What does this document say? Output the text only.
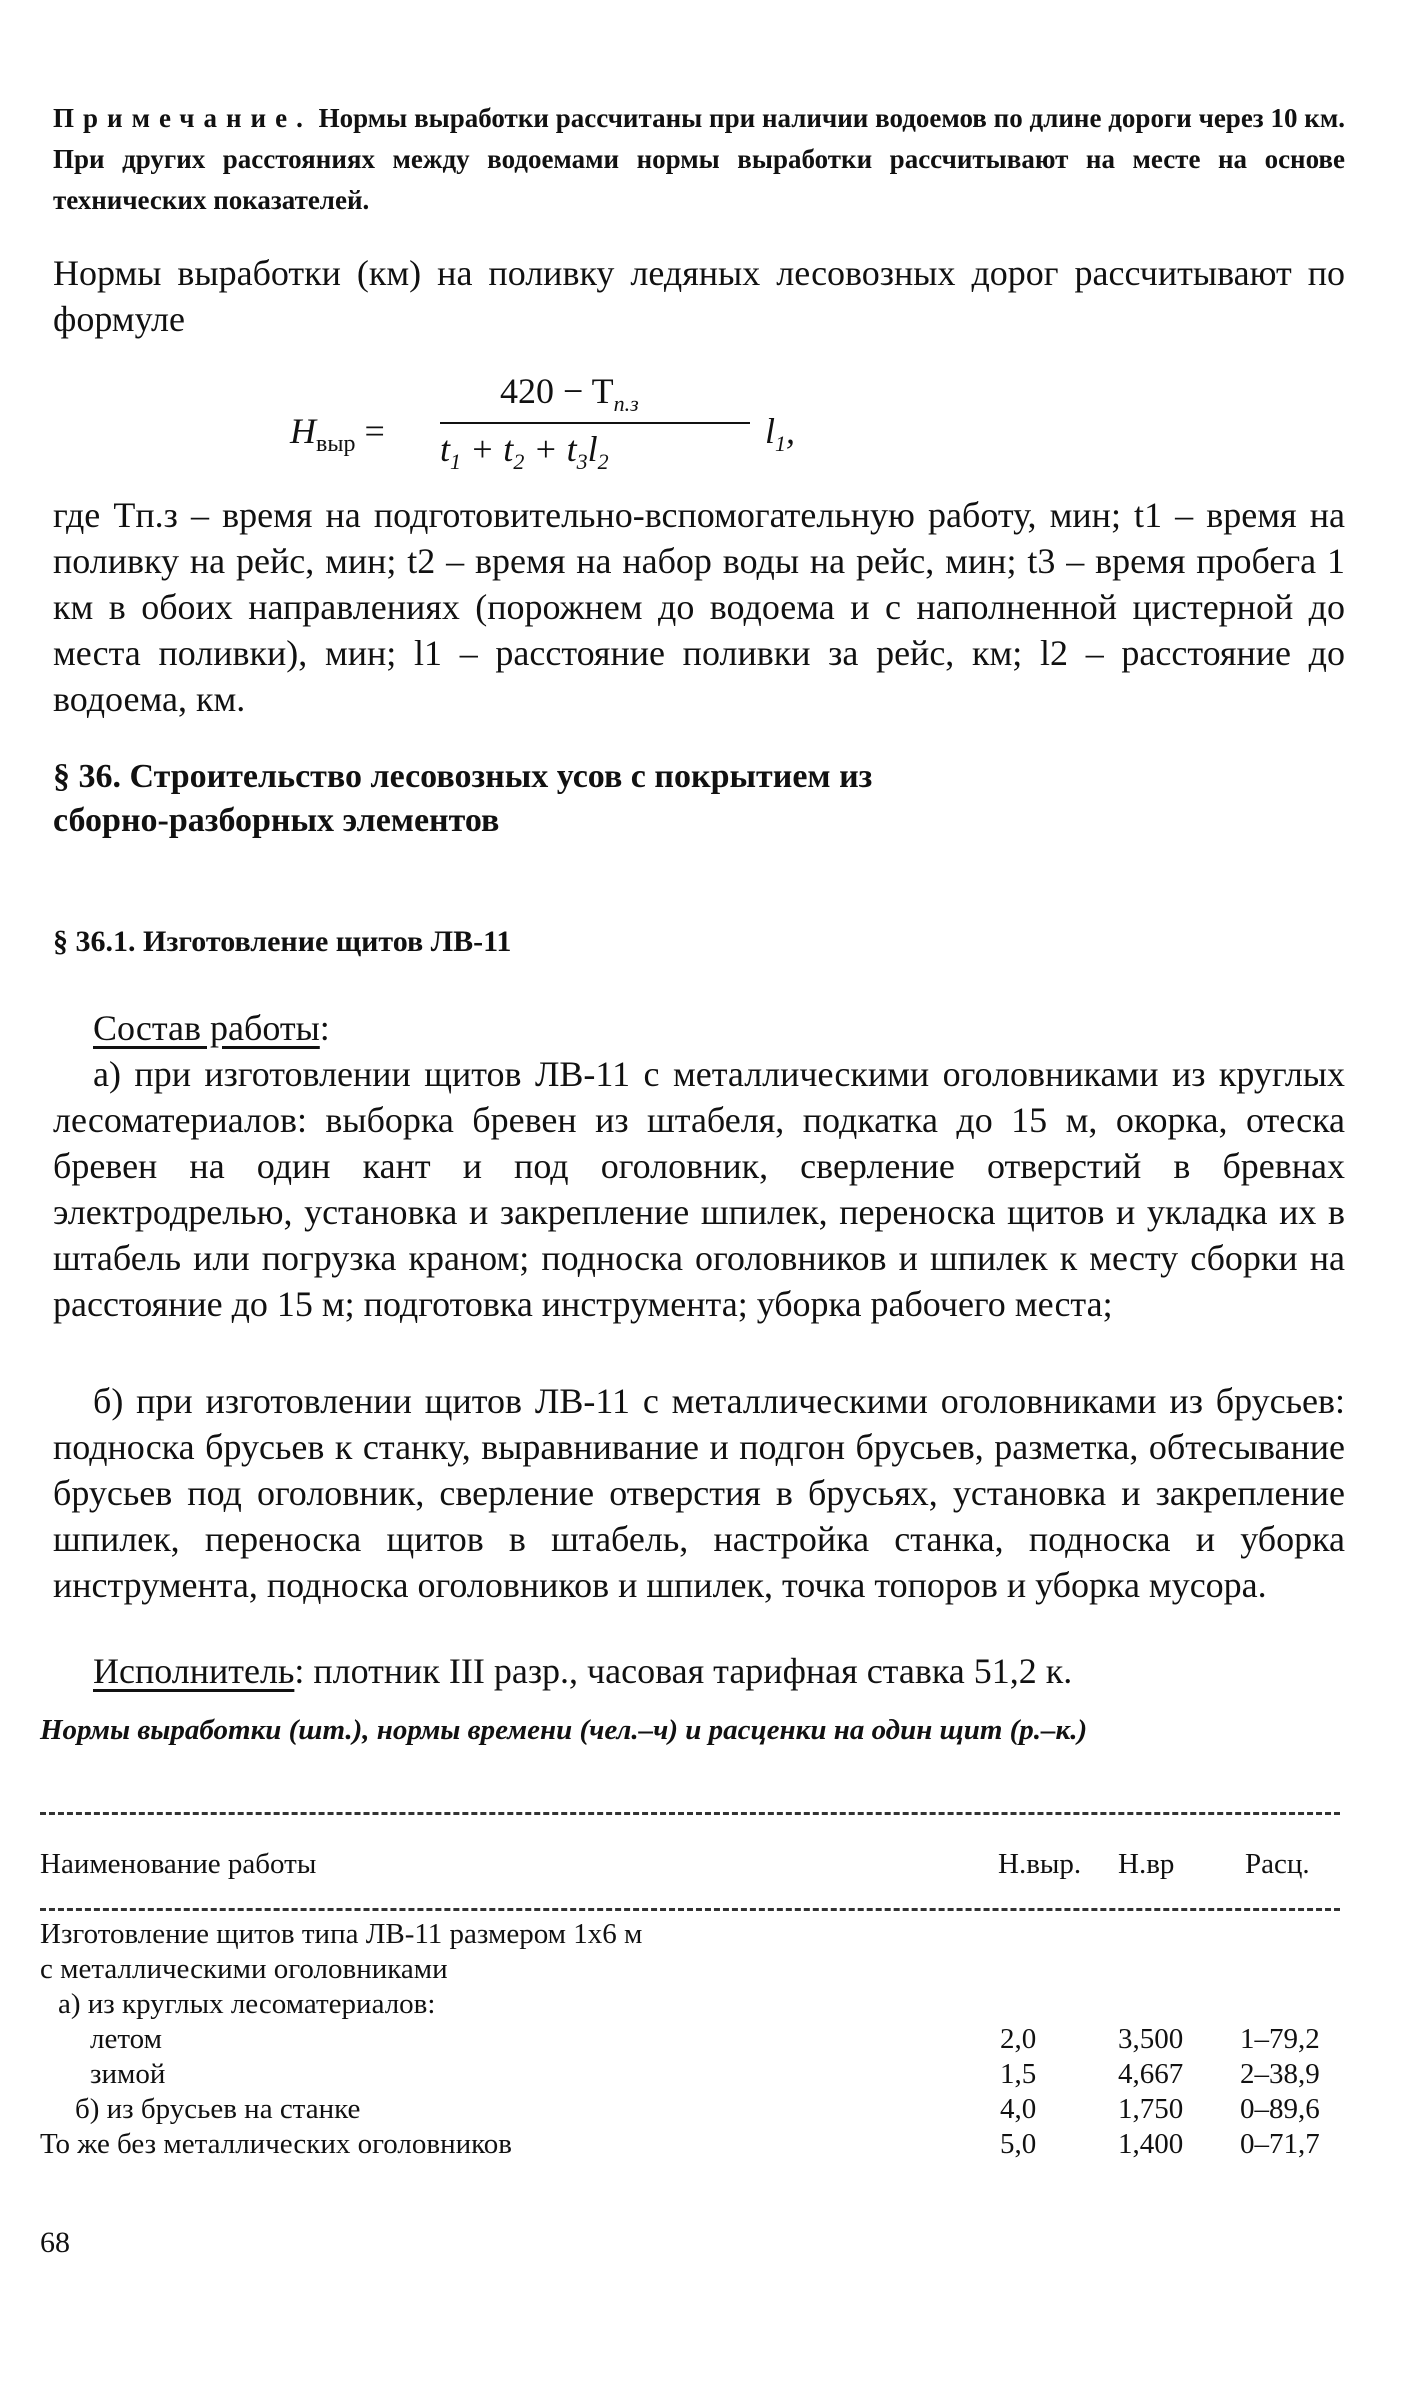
Примечание. Нормы выработки рассчитаны при наличии водоемов по длине дороги через 10 км. При других расстояниях между водоемами нормы выработки рассчитывают на месте на основе технических показателей.
Нормы выработки (км) на поливку ледяных лесовозных дорог рассчитывают по формуле
$H_{выр}$ =
$420 - T_{п.з}$
$t_1 + t_2 + t_3l_2$
$l_1$,
где Tп.з – время на подготовительно-вспомогательную работу, мин; t1 – время на поливку на рейс, мин; t2 – время на набор воды на рейс, мин; t3 – время пробега 1 км в обоих направлениях (порожнем до водоема и с наполненной цистерной до места поливки), мин; l1 – расстояние поливки за рейс, км; l2 – расстояние до водоема, км.
§ 36. Строительство лесовозных усов с покрытием из
сборно-разборных элементов
§ 36.1. Изготовление щитов ЛВ-11
Состав работы:
а) при изготовлении щитов ЛВ-11 с металлическими оголовниками из круглых лесоматериалов: выборка бревен из штабеля, подкатка до 15 м, окорка, отеска бревен на один кант и под оголовник, сверление отверстий в бревнах электродрелью, установка и закрепление шпилек, переноска щитов и укладка их в штабель или погрузка краном; подноска оголовников и шпилек к месту сборки на расстояние до 15 м; подготовка инструмента; уборка рабочего места;
б) при изготовлении щитов ЛВ-11 с металлическими оголовниками из брусьев: подноска брусьев к станку, выравнивание и подгон брусьев, разметка, обтесывание брусьев под оголовник, сверление отверстия в брусьях, установка и закрепление шпилек, переноска щитов в штабель, настройка станка, подноска и уборка инструмента, подноска оголовников и шпилек, точка топоров и уборка мусора.
Исполнитель: плотник III разр., часовая тарифная ставка 51,2 к.
Нормы выработки (шт.), нормы времени (чел.–ч) и расценки на один щит (р.–к.)
Наименование работы	Н.выр. Н.вр Расц.
Изготовление щитов типа ЛВ-11 размером 1х6 м
с металлическими оголовниками
а) из круглых лесоматериалов:
летом	2,0	3,500	1–79,2
зимой	1,5	4,667	2–38,9
б) из брусьев на станке	4,0	1,750	0–89,6
То же без металлических оголовников	5,0	1,400	0–71,7
68
